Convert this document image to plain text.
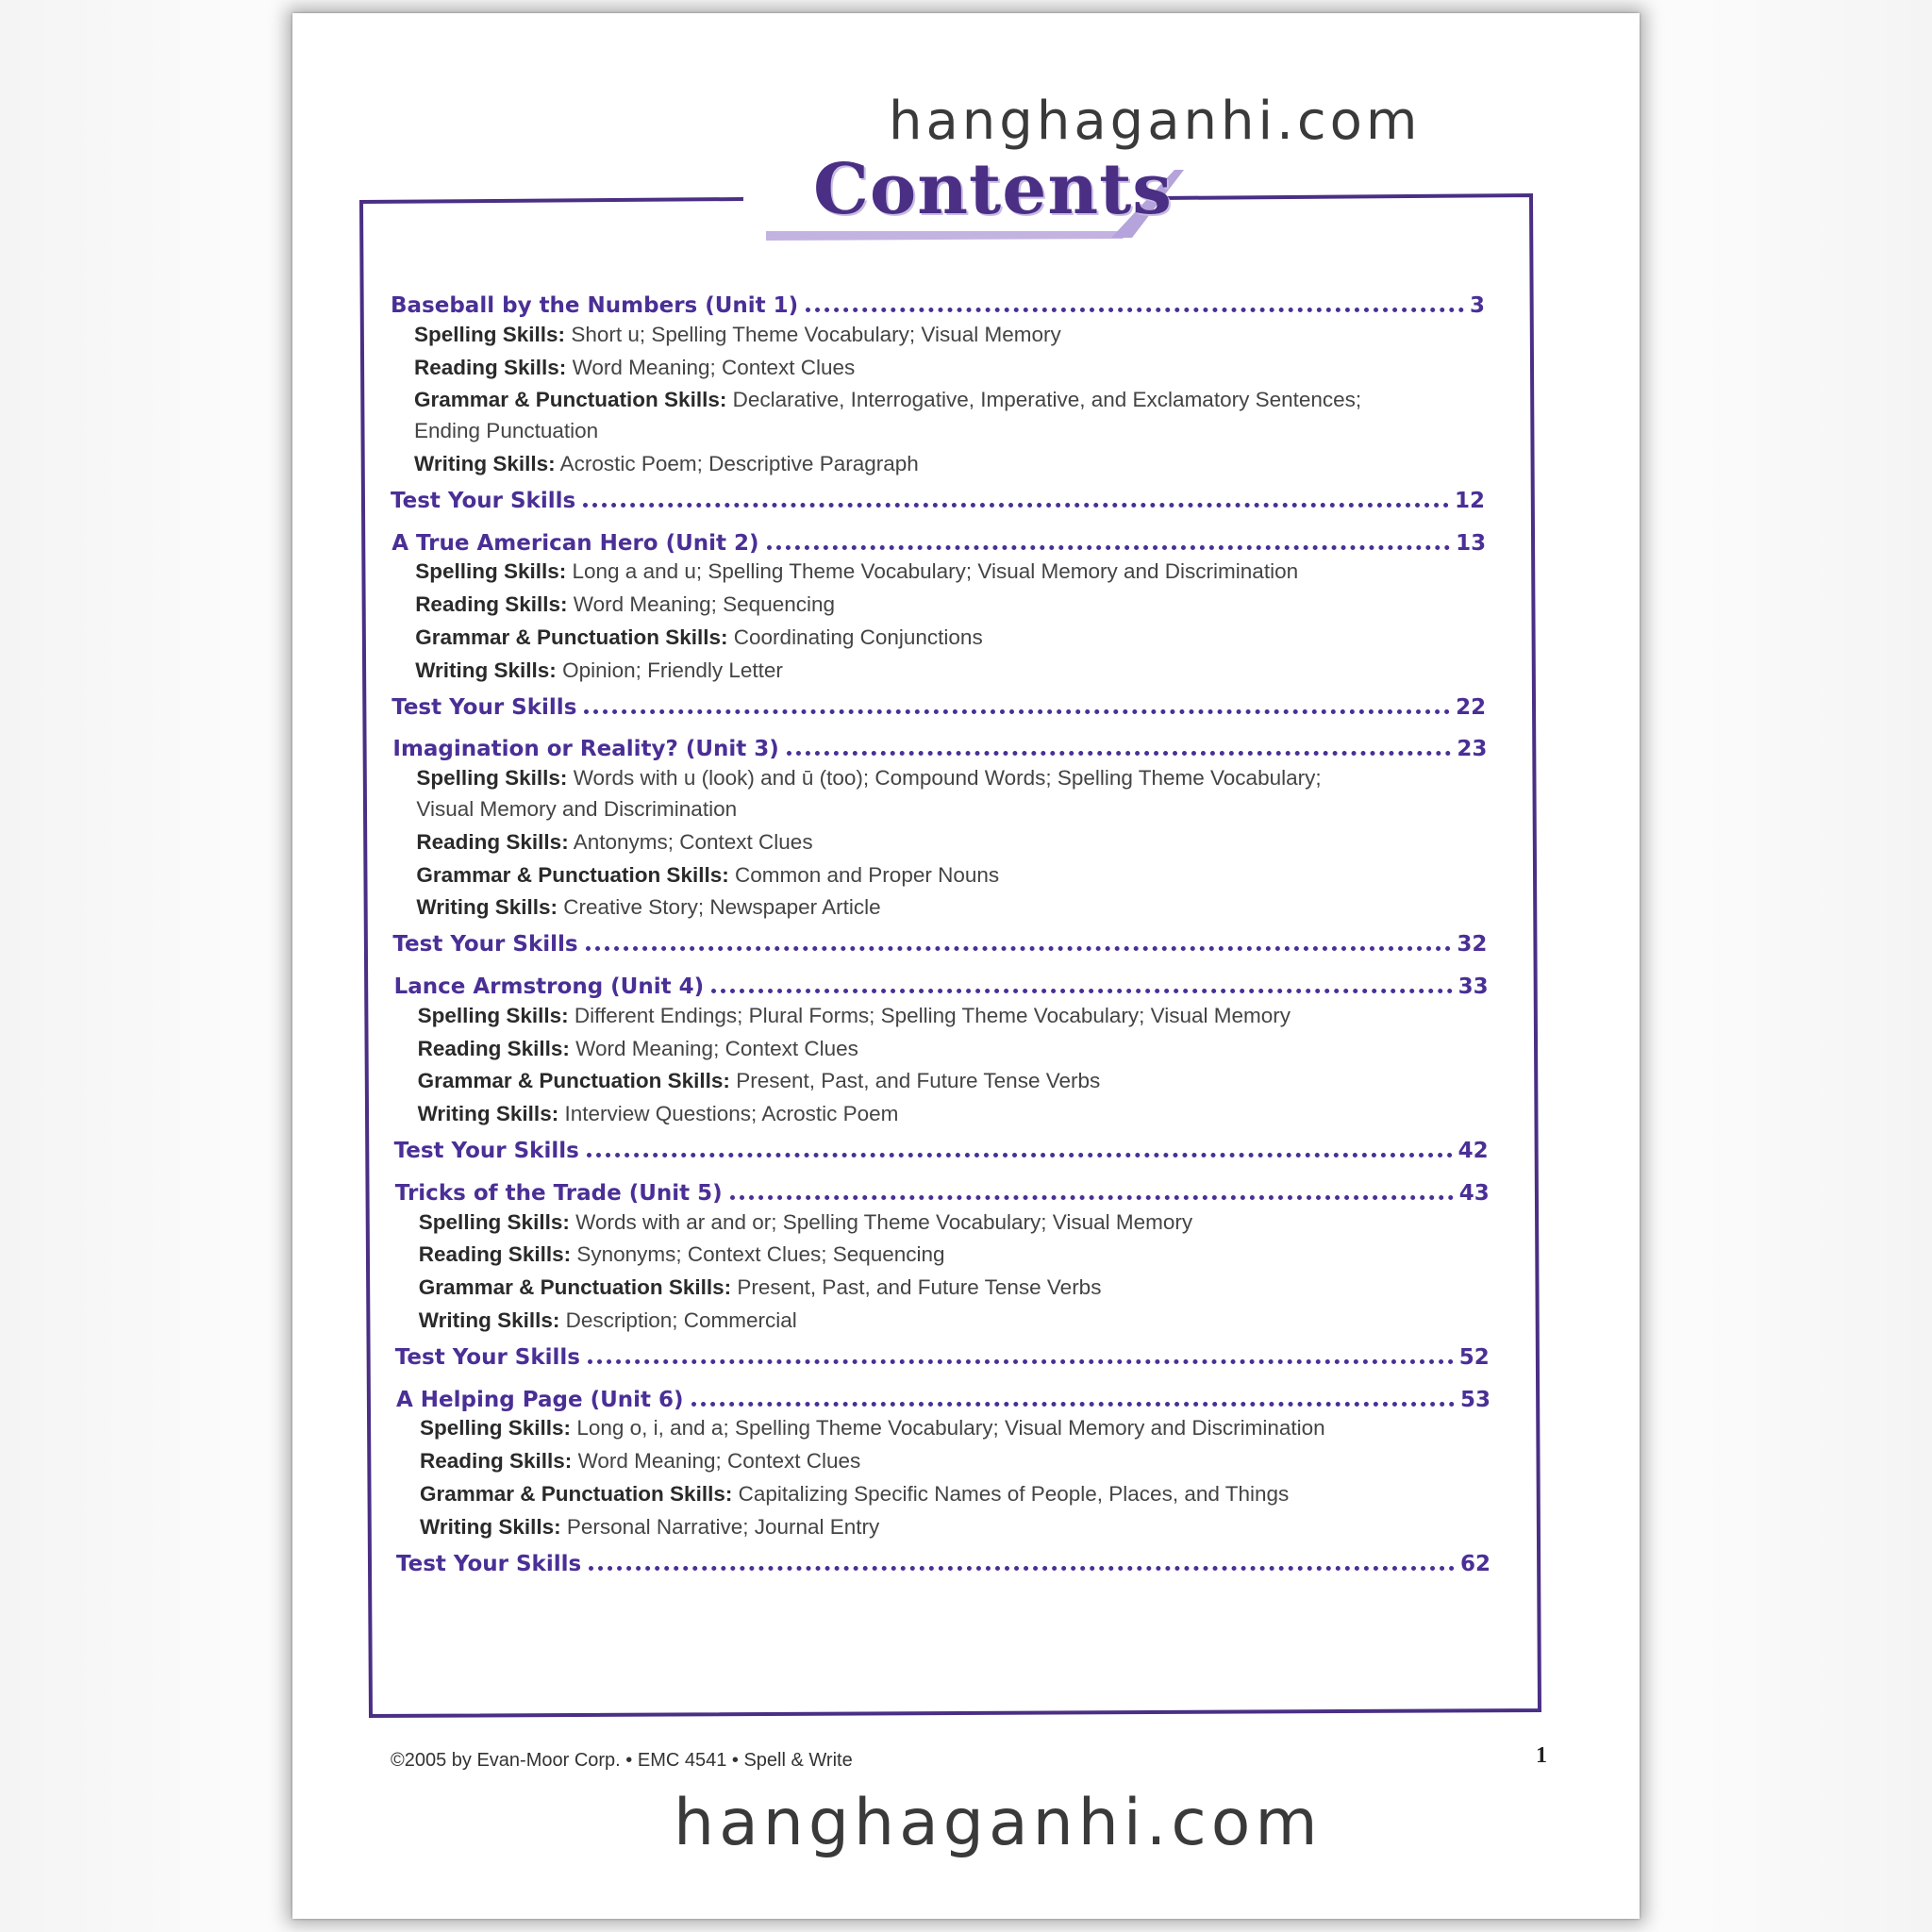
hanghaganhi.com
Contents
Baseball by the Numbers (Unit 1)	3
Spelling Skills: Short u; Spelling Theme Vocabulary; Visual Memory
Reading Skills: Word Meaning; Context Clues
Grammar & Punctuation Skills: Declarative, Interrogative, Imperative, and Exclamatory Sentences;
Ending Punctuation
Writing Skills: Acrostic Poem; Descriptive Paragraph
Test Your Skills	12
A True American Hero (Unit 2)	13
Spelling Skills: Long a and u; Spelling Theme Vocabulary; Visual Memory and Discrimination
Reading Skills: Word Meaning; Sequencing
Grammar & Punctuation Skills: Coordinating Conjunctions
Writing Skills: Opinion; Friendly Letter
Test Your Skills	22
Imagination or Reality? (Unit 3)	23
Spelling Skills: Words with u (look) and ū (too); Compound Words; Spelling Theme Vocabulary;
Visual Memory and Discrimination
Reading Skills: Antonyms; Context Clues
Grammar & Punctuation Skills: Common and Proper Nouns
Writing Skills: Creative Story; Newspaper Article
Test Your Skills	32
Lance Armstrong (Unit 4)	33
Spelling Skills: Different Endings; Plural Forms; Spelling Theme Vocabulary; Visual Memory
Reading Skills: Word Meaning; Context Clues
Grammar & Punctuation Skills: Present, Past, and Future Tense Verbs
Writing Skills: Interview Questions; Acrostic Poem
Test Your Skills	42
Tricks of the Trade (Unit 5)	43
Spelling Skills: Words with ar and or; Spelling Theme Vocabulary; Visual Memory
Reading Skills: Synonyms; Context Clues; Sequencing
Grammar & Punctuation Skills: Present, Past, and Future Tense Verbs
Writing Skills: Description; Commercial
Test Your Skills	52
A Helping Page (Unit 6)	53
Spelling Skills: Long o, i, and a; Spelling Theme Vocabulary; Visual Memory and Discrimination
Reading Skills: Word Meaning; Context Clues
Grammar & Punctuation Skills: Capitalizing Specific Names of People, Places, and Things
Writing Skills: Personal Narrative; Journal Entry
Test Your Skills	62
©2005 by Evan-Moor Corp. • EMC 4541 • Spell & Write	1
hanghaganhi.com
